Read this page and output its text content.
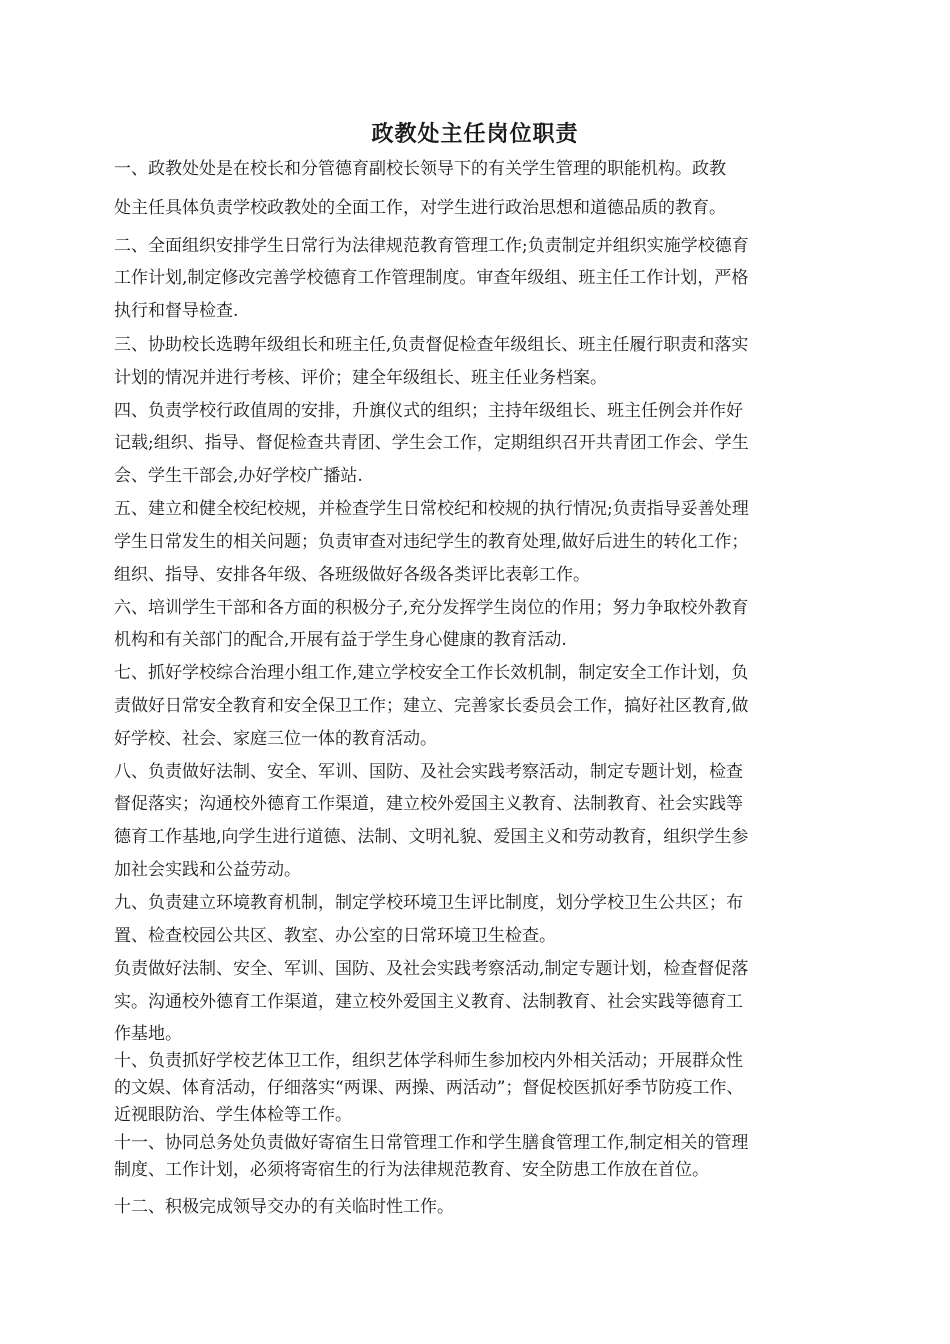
政教处主任岗位职责
一、政教处处是在校长和分管德育副校长领导下的有关学生管理的职能机构。政教
处主任具体负责学校政教处的全面工作，对学生进行政治思想和道德品质的教育。
二、全面组织安排学生日常行为法律规范教育管理工作;负责制定并组织实施学校德育
工作计划,制定修改完善学校德育工作管理制度。审查年级组、班主任工作计划，严格
执行和督导检查.
三、协助校长选聘年级组长和班主任,负责督促检查年级组长、班主任履行职责和落实
计划的情况并进行考核、评价；建全年级组长、班主任业务档案。
四、负责学校行政值周的安排，升旗仪式的组织；主持年级组长、班主任例会并作好
记载;组织、指导、督促检查共青团、学生会工作，定期组织召开共青团工作会、学生
会、学生干部会,办好学校广播站.
五、建立和健全校纪校规，并检查学生日常校纪和校规的执行情况;负责指导妥善处理
学生日常发生的相关问题；负责审查对违纪学生的教育处理,做好后进生的转化工作；
组织、指导、安排各年级、各班级做好各级各类评比表彰工作。
六、培训学生干部和各方面的积极分子,充分发挥学生岗位的作用；努力争取校外教育
机构和有关部门的配合,开展有益于学生身心健康的教育活动.
七、抓好学校综合治理小组工作,建立学校安全工作长效机制，制定安全工作计划，负
责做好日常安全教育和安全保卫工作；建立、完善家长委员会工作，搞好社区教育,做
好学校、社会、家庭三位一体的教育活动。
八、负责做好法制、安全、军训、国防、及社会实践考察活动，制定专题计划，检查
督促落实；沟通校外德育工作渠道，建立校外爱国主义教育、法制教育、社会实践等
德育工作基地,向学生进行道德、法制、文明礼貌、爱国主义和劳动教育，组织学生参
加社会实践和公益劳动。
九、负责建立环境教育机制，制定学校环境卫生评比制度，划分学校卫生公共区；布
置、检查校园公共区、教室、办公室的日常环境卫生检查。
负责做好法制、安全、军训、国防、及社会实践考察活动,制定专题计划，检查督促落
实。沟通校外德育工作渠道，建立校外爱国主义教育、法制教育、社会实践等德育工
作基地。
十、负责抓好学校艺体卫工作，组织艺体学科师生参加校内外相关活动；开展群众性
的文娱、体育活动，仔细落实“两课、两操、两活动”；督促校医抓好季节防疫工作、
近视眼防治、学生体检等工作。
十一、协同总务处负责做好寄宿生日常管理工作和学生膳食管理工作,制定相关的管理
制度、工作计划，必须将寄宿生的行为法律规范教育、安全防患工作放在首位。
十二、积极完成领导交办的有关临时性工作。
